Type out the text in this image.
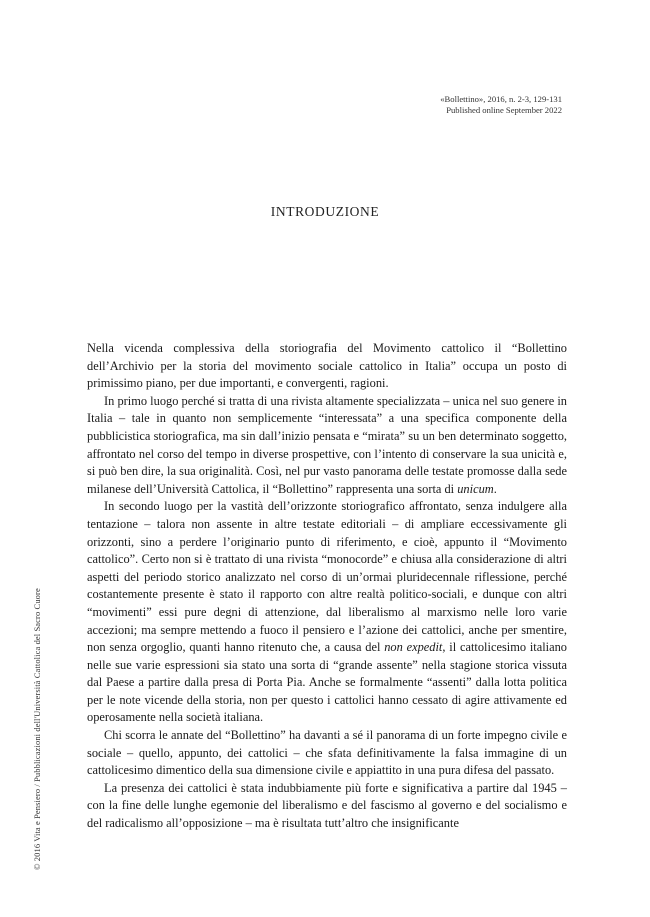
«Bollettino», 2016, n. 2-3, 129-131
Published online September 2022
INTRODUZIONE
© 2016 Vita e Pensiero / Pubblicazioni dell'Università Cattolica del Sacro Cuore

Nella vicenda complessiva della storiografia del Movimento cattolico il “Bollettino dell’Archivio per la storia del movimento sociale cattolico in Italia” occupa un posto di primissimo piano, per due importanti, e convergenti, ragioni.

In primo luogo perché si tratta di una rivista altamente specializzata – unica nel suo genere in Italia – tale in quanto non semplicemente “interessata” a una specifica componente della pubblicistica storiografica, ma sin dall’inizio pensata e “mirata” su un ben determinato soggetto, affrontato nel corso del tempo in diverse prospettive, con l’intento di conservare la sua unicità e, si può ben dire, la sua originalità. Così, nel pur vasto panorama delle testate promosse dalla sede milanese dell’Università Cattolica, il “Bollettino” rappresenta una sorta di unicum.

In secondo luogo per la vastità dell’orizzonte storiografico affrontato, senza indulgere alla tentazione – talora non assente in altre testate editoriali – di ampliare eccessivamente gli orizzonti, sino a perdere l’originario punto di riferimento, e cioè, appunto il “Movimento cattolico”. Certo non si è trattato di una rivista “monocorde” e chiusa alla considerazione di altri aspetti del periodo storico analizzato nel corso di un’ormai pluridecennale riflessione, perché costantemente presente è stato il rapporto con altre realtà politico-sociali, e dunque con altri “movimenti” essi pure degni di attenzione, dal liberalismo al marxismo nelle loro varie accezioni; ma sempre mettendo a fuoco il pensiero e l’azione dei cattolici, anche per smentire, non senza orgoglio, quanti hanno ritenuto che, a causa del non expedit, il cattolicesimo italiano nelle sue varie espressioni sia stato una sorta di “grande assente” nella stagione storica vissuta dal Paese a partire dalla presa di Porta Pia. Anche se formalmente “assenti” dalla lotta politica per le note vicende della storia, non per questo i cattolici hanno cessato di agire attivamente ed operosamente nella società italiana.

Chi scorra le annate del “Bollettino” ha davanti a sé il panorama di un forte impegno civile e sociale – quello, appunto, dei cattolici – che sfata definitivamente la falsa immagine di un cattolicesimo dimentico della sua dimensione civile e appiattito in una pura difesa del passato.

La presenza dei cattolici è stata indubbiamente più forte e significativa a partire dal 1945 – con la fine delle lunghe egemonie del liberalismo e del fascismo al governo e del socialismo e del radicalismo all’opposizione – ma è risultata tutt’altro che insignificante
